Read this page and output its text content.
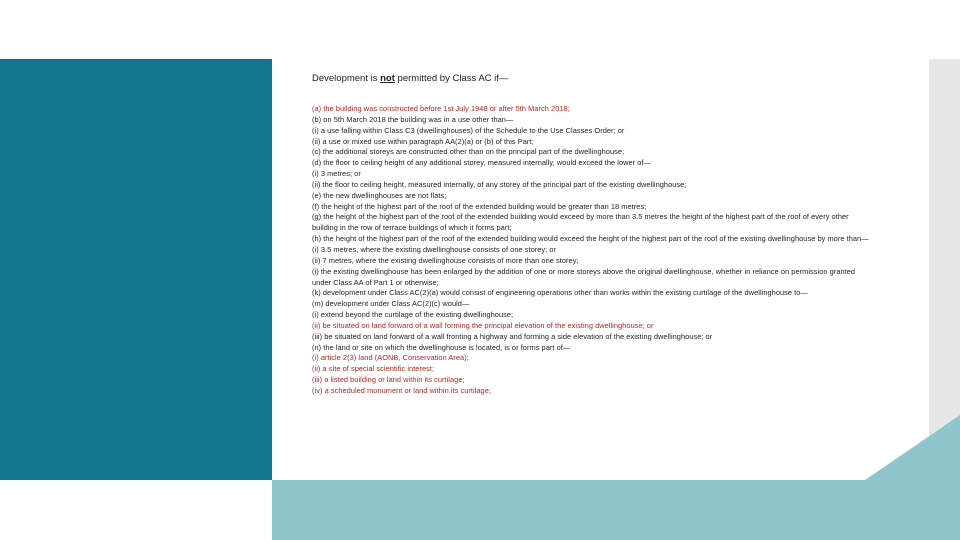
Development is not permitted by Class AC if—

(a) the building was constructed before 1st July 1948 or after 5th March 2018;
(b) on 5th March 2018 the building was in a use other than—
(i) a use falling within Class C3 (dwellinghouses) of the Schedule to the Use Classes Order; or
(ii) a use or mixed use within paragraph AA(2)(a) or (b) of this Part;
(c) the additional storeys are constructed other than on the principal part of the dwellinghouse;
(d) the floor to ceiling height of any additional storey, measured internally, would exceed the lower of—
(i) 3 metres; or
(ii) the floor to ceiling height, measured internally, of any storey of the principal part of the existing dwellinghouse;
(e) the new dwellinghouses are not flats;
(f) the height of the highest part of the roof of the extended building would be greater than 18 metres;
(g) the height of the highest part of the roof of the extended building would exceed by more than 3.5 metres the height of the highest part of the roof of every other building in the row of terrace buildings of which it forms part;
(h) the height of the highest part of the roof of the extended building would exceed the height of the highest part of the roof of the existing dwellinghouse by more than—
(i) 3.5 metres, where the existing dwellinghouse consists of one storey; or
(ii) 7 metres, where the existing dwellinghouse consists of more than one storey;
(i) the existing dwellinghouse has been enlarged by the addition of one or more storeys above the original dwellinghouse, whether in reliance on permission granted under Class AA of Part 1 or otherwise;
(k) development under Class AC(2)(a) would consist of engineering operations other than works within the existing curtilage of the dwellinghouse to—
(m) development under Class AC(2)(c) would—
(i) extend beyond the curtilage of the existing dwellinghouse;
(ii) be situated on land forward of a wall forming the principal elevation of the existing dwellinghouse; or
(iii) be situated on land forward of a wall fronting a highway and forming a side elevation of the existing dwellinghouse; or
(n) the land or site on which the dwellinghouse is located, is or forms part of—
(i) article 2(3) land (AONB, Conservation Area);
(ii) a site of special scientific interest;
(iii) a listed building or land within its curtilage;
(iv) a scheduled monument or land within its curtilage;
